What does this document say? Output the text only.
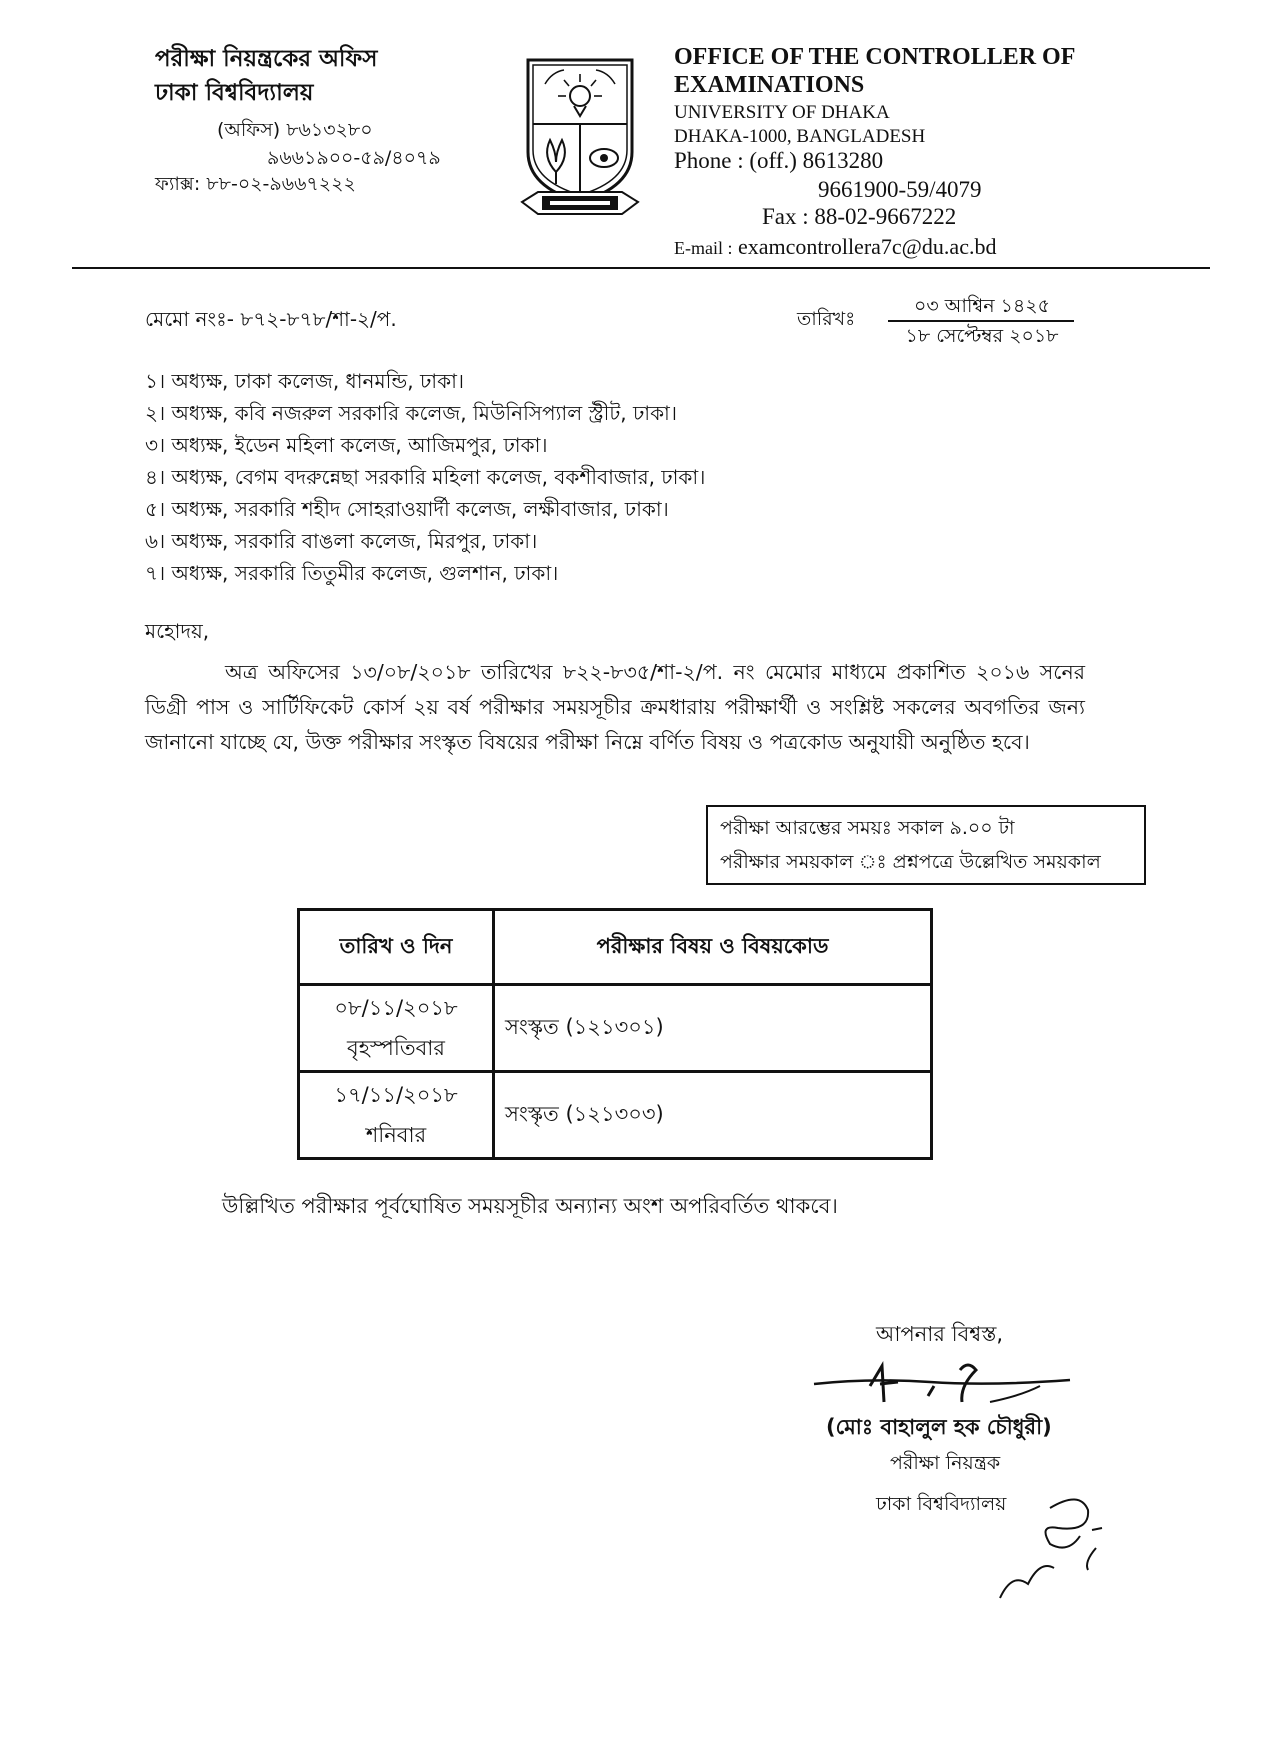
পরীক্ষা নিয়ন্ত্রকের অফিস
ঢাকা বিশ্ববিদ্যালয়
(অফিস) ৮৬১৩২৮০
৯৬৬১৯০০-৫৯/৪০৭৯
ফ্যাক্স: ৮৮-০২-৯৬৬৭২২২
OFFICE OF THE CONTROLLER OF
EXAMINATIONS
UNIVERSITY OF DHAKA
DHAKA-1000, BANGLADESH
Phone : (off.) 8613280
9661900-59/4079
Fax : 88-02-9667222
E-mail : examcontrollera7c@du.ac.bd
মেমো নংঃ- ৮৭২-৮৭৮/শা-২/প.	তারিখঃ
০৩ আশ্বিন ১৪২৫
১৮ সেপ্টেম্বর ২০১৮
১। অধ্যক্ষ, ঢাকা কলেজ, ধানমন্ডি, ঢাকা।
২। অধ্যক্ষ, কবি নজরুল সরকারি কলেজ, মিউনিসিপ্যাল স্ট্রীট, ঢাকা।
৩। অধ্যক্ষ, ইডেন মহিলা কলেজ, আজিমপুর, ঢাকা।
৪। অধ্যক্ষ, বেগম বদরুন্নেছা সরকারি মহিলা কলেজ, বকশীবাজার, ঢাকা।
৫। অধ্যক্ষ, সরকারি শহীদ সোহরাওয়ার্দী কলেজ, লক্ষীবাজার, ঢাকা।
৬। অধ্যক্ষ, সরকারি বাঙলা কলেজ, মিরপুর, ঢাকা।
৭। অধ্যক্ষ, সরকারি তিতুমীর কলেজ, গুলশান, ঢাকা।
মহোদয়,
অত্র অফিসের ১৩/০৮/২০১৮ তারিখের ৮২২-৮৩৫/শা-২/প. নং মেমোর মাধ্যমে প্রকাশিত ২০১৬ সনের ডিগ্রী পাস ও সার্টিফিকেট কোর্স ২য় বর্ষ পরীক্ষার সময়সূচীর ক্রমধারায় পরীক্ষার্থী ও সংশ্লিষ্ট সকলের অবগতির জন্য জানানো যাচ্ছে যে, উক্ত পরীক্ষার সংস্কৃত বিষয়ের পরীক্ষা নিম্নে বর্ণিত বিষয় ও পত্রকোড অনুযায়ী অনুষ্ঠিত হবে।
পরীক্ষা আরম্ভের সময়ঃ সকাল ৯.০০ টা
পরীক্ষার সময়কাল ঃ প্রশ্নপত্রে উল্লেখিত সময়কাল
তারিখ ও দিন	পরীক্ষার বিষয় ও বিষয়কোড

০৮/১১/২০১৮
বৃহস্পতিবার	সংস্কৃত (১২১৩০১)

১৭/১১/২০১৮
শনিবার	সংস্কৃত (১২১৩০৩)
উল্লিখিত পরীক্ষার পূর্বঘোষিত সময়সূচীর অন্যান্য অংশ অপরিবর্তিত থাকবে।
আপনার বিশ্বস্ত,
(মোঃ বাহালুল হক চৌধুরী)
পরীক্ষা নিয়ন্ত্রক
ঢাকা বিশ্ববিদ্যালয়
